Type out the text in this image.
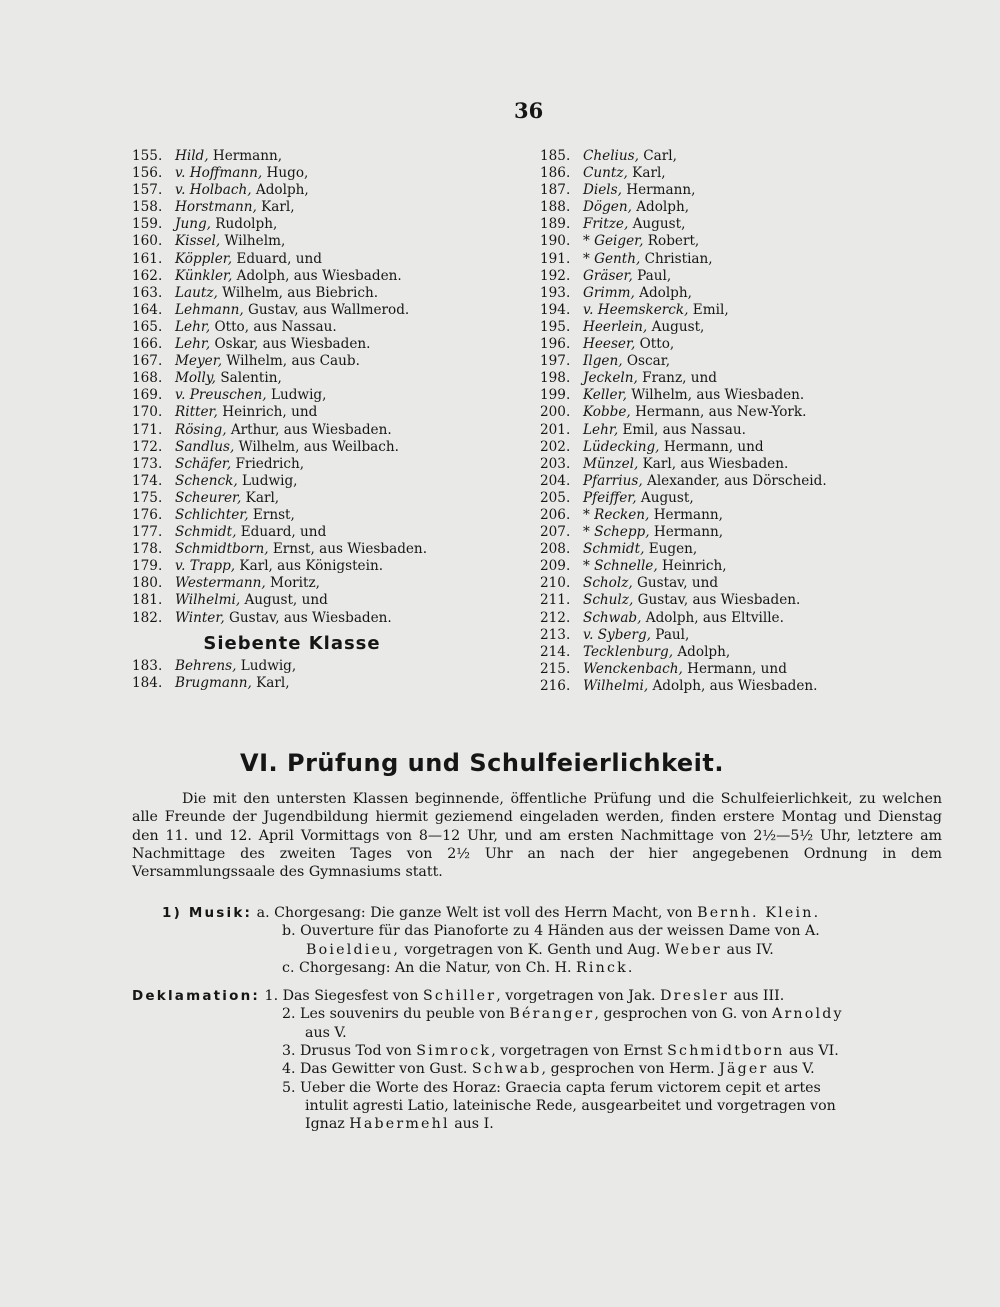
36
155. Hild, Hermann,
156. v. Hoffmann, Hugo,
157. v. Holbach, Adolph,
158. Horstmann, Karl,
159. Jung, Rudolph,
160. Kissel, Wilhelm,
161. Köppler, Eduard, und
162. Künkler, Adolph, aus Wiesbaden.
163. Lautz, Wilhelm, aus Biebrich.
164. Lehmann, Gustav, aus Wallmerod.
165. Lehr, Otto, aus Nassau.
166. Lehr, Oskar, aus Wiesbaden.
167. Meyer, Wilhelm, aus Caub.
168. Molly, Salentin,
169. v. Preuschen, Ludwig,
170. Ritter, Heinrich, und
171. Rösing, Arthur, aus Wiesbaden.
172. Sandlus, Wilhelm, aus Weilbach.
173. Schäfer, Friedrich,
174. Schenck, Ludwig,
175. Scheurer, Karl,
176. Schlichter, Ernst,
177. Schmidt, Eduard, und
178. Schmidtborn, Ernst, aus Wiesbaden.
179. v. Trapp, Karl, aus Königstein.
180. Westermann, Moritz,
181. Wilhelmi, August, und
182. Winter, Gustav, aus Wiesbaden.
Siebente Klasse
183. Behrens, Ludwig,
184. Brugmann, Karl,
185. Chelius, Carl,
186. Cuntz, Karl,
187. Diels, Hermann,
188. Dögen, Adolph,
189. Fritze, August,
190. * Geiger, Robert,
191. * Genth, Christian,
192. Gräser, Paul,
193. Grimm, Adolph,
194. v. Heemskerck, Emil,
195. Heerlein, August,
196. Heeser, Otto,
197. Ilgen, Oscar,
198. Jeckeln, Franz, und
199. Keller, Wilhelm, aus Wiesbaden.
200. Kobbe, Hermann, aus New-York.
201. Lehr, Emil, aus Nassau.
202. Lüdecking, Hermann, und
203. Münzel, Karl, aus Wiesbaden.
204. Pfarrius, Alexander, aus Dörscheid.
205. Pfeiffer, August,
206. * Recken, Hermann,
207. * Schepp, Hermann,
208. Schmidt, Eugen,
209. * Schnelle, Heinrich,
210. Scholz, Gustav, und
211. Schulz, Gustav, aus Wiesbaden.
212. Schwab, Adolph, aus Eltville.
213. v. Syberg, Paul,
214. Tecklenburg, Adolph,
215. Wenckenbach, Hermann, und
216. Wilhelmi, Adolph, aus Wiesbaden.
VI. Prüfung und Schulfeierlichkeit.
Die mit den untersten Klassen beginnende, öffentliche Prüfung und die Schulfeierlichkeit, zu welchen alle Freunde der Jugendbildung hiermit geziemend eingeladen werden, finden erstere Montag und Dienstag den 11. und 12. April Vormittags von 8—12 Uhr, und am ersten Nachmittage von 2½—5½ Uhr, letztere am Nachmittage des zweiten Tages von 2½ Uhr an nach der hier angegebenen Ordnung in dem Versammlungssaale des Gymnasiums statt.
1) Musik: a. Chorgesang: Die ganze Welt ist voll des Herrn Macht, von Bernh. Klein.
b. Ouverture für das Pianoforte zu 4 Händen aus der weissen Dame von A.
Boieldieu, vorgetragen von K. Genth und Aug. Weber aus IV.
c. Chorgesang: An die Natur, von Ch. H. Rinck.
Deklamation: 1. Das Siegesfest von Schiller, vorgetragen von Jak. Dresler aus III.
2. Les souvenirs du peuble von Béranger, gesprochen von G. von Arnoldy
aus V.
3. Drusus Tod von Simrock, vorgetragen von Ernst Schmidtborn aus VI.
4. Das Gewitter von Gust. Schwab, gesprochen von Herm. Jäger aus V.
5. Ueber die Worte des Horaz: Graecia capta ferum victorem cepit et artes
intulit agresti Latio, lateinische Rede, ausgearbeitet und vorgetragen von
Ignaz Habermehl aus I.
